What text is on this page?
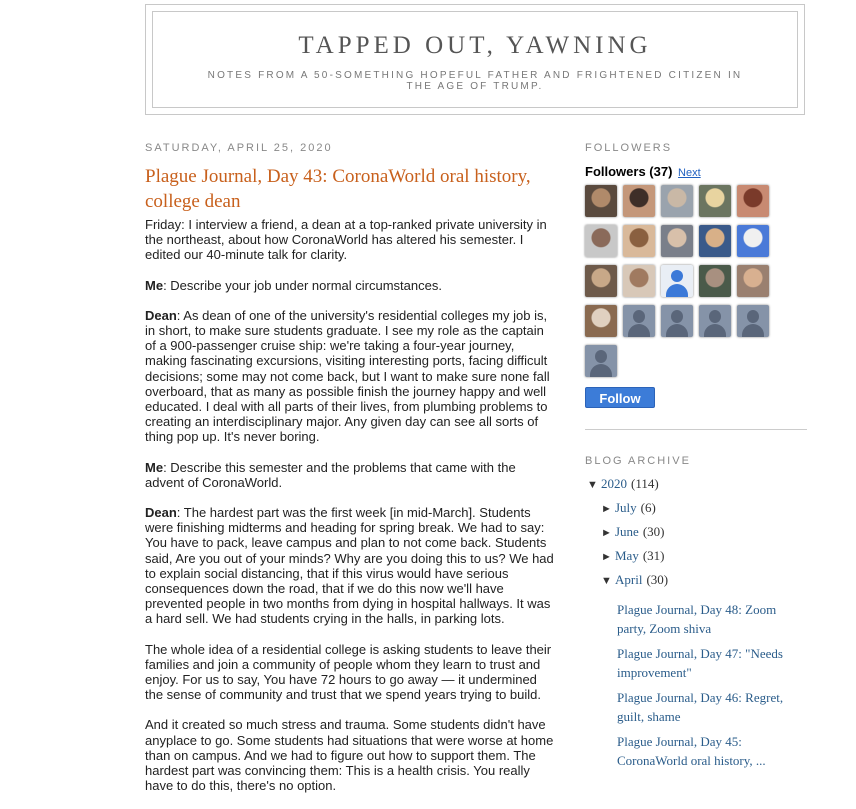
TAPPED OUT, YAWNING
NOTES FROM A 50-SOMETHING HOPEFUL FATHER AND FRIGHTENED CITIZEN IN THE AGE OF TRUMP.
SATURDAY, APRIL 25, 2020
Plague Journal, Day 43: CoronaWorld oral history, college dean

Friday: I interview a friend, a dean at a top-ranked private university in the northeast, about how CoronaWorld has altered his semester. I edited our 40-minute talk for clarity.

Me: Describe your job under normal circumstances.

Dean: As dean of one of the university's residential colleges my job is, in short, to make sure students graduate. I see my role as the captain of a 900-passenger cruise ship: we're taking a four-year journey, making fascinating excursions, visiting interesting ports, facing difficult decisions; some may not come back, but I want to make sure none fall overboard, that as many as possible finish the journey happy and well educated. I deal with all parts of their lives, from plumbing problems to creating an interdisciplinary major. Any given day can see all sorts of thing pop up. It's never boring.

Me: Describe this semester and the problems that came with the advent of CoronaWorld.

Dean: The hardest part was the first week [in mid-March]. Students were finishing midterms and heading for spring break. We had to say: You have to pack, leave campus and plan to not come back. Students said, Are you out of your minds? Why are you doing this to us? We had to explain social distancing, that if this virus would have serious consequences down the road, that if we do this now we'll have prevented people in two months from dying in hospital hallways. It was a hard sell. We had students crying in the halls, in parking lots.

The whole idea of a residential college is asking students to leave their families and join a community of people whom they learn to trust and enjoy. For us to say, You have 72 hours to go away — it undermined the sense of community and trust that we spend years trying to build.

And it created so much stress and trauma. Some students didn't have anyplace to go. Some students had situations that were worse at home than on campus. And we had to figure out how to support them. The hardest part was convincing them: This is a health crisis. You really have to do this, there's no option.

FOLLOWERS
Followers (37) Next
Follow
BLOG ARCHIVE
▼ 2020 (114)
► July (6)
► June (30)
► May (31)
▼ April (30)
Plague Journal, Day 48: Zoom party, Zoom shiva
Plague Journal, Day 47: "Needs improvement"
Plague Journal, Day 46: Regret, guilt, shame
Plague Journal, Day 45: CoronaWorld oral history, ...
